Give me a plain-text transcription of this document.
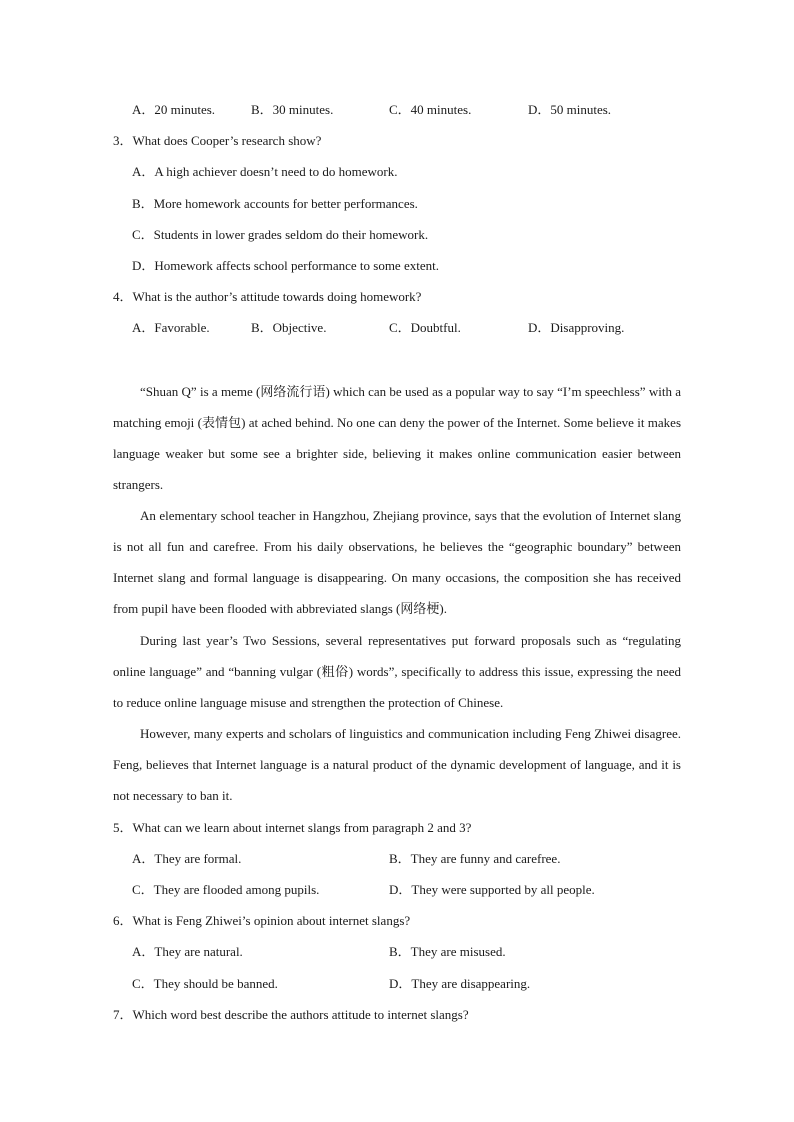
A．20 minutes.	B．30 minutes.	C．40 minutes.	D．50 minutes.
3．What does Cooper’s research show?
A．A high achiever doesn’t need to do homework.
B．More homework accounts for better performances.
C．Students in lower grades seldom do their homework.
D．Homework affects school performance to some extent.
4．What is the author’s attitude towards doing homework?
A．Favorable.	B．Objective.	C．Doubtful.	D．Disapproving.
“Shuan Q” is a meme (网络流行语) which can be used as a popular way to say “I’m speechless” with a matching emoji (表情包) at ached behind. No one can deny the power of the Internet. Some believe it makes language weaker but some see a brighter side, believing it makes online communication easier between strangers.
An elementary school teacher in Hangzhou, Zhejiang province, says that the evolution of Internet slang is not all fun and carefree. From his daily observations, he believes the “geographic boundary” between Internet slang and formal language is disappearing. On many occasions, the composition she has received from pupil have been flooded with abbreviated slangs (网络梗).
During last year’s Two Sessions, several representatives put forward proposals such as “regulating online language” and “banning vulgar (粗俗) words”, specifically to address this issue, expressing the need to reduce online language misuse and strengthen the protection of Chinese.
However, many experts and scholars of linguistics and communication including Feng Zhiwei disagree. Feng, believes that Internet language is a natural product of the dynamic development of language, and it is not necessary to ban it.
5．What can we learn about internet slangs from paragraph 2 and 3?
A．They are formal.	B．They are funny and carefree.
C．They are flooded among pupils.	D．They were supported by all people.
6．What is Feng Zhiwei’s opinion about internet slangs?
A．They are natural.	B．They are misused.
C．They should be banned.	D．They are disappearing.
7．Which word best describe the authors attitude to internet slangs?
